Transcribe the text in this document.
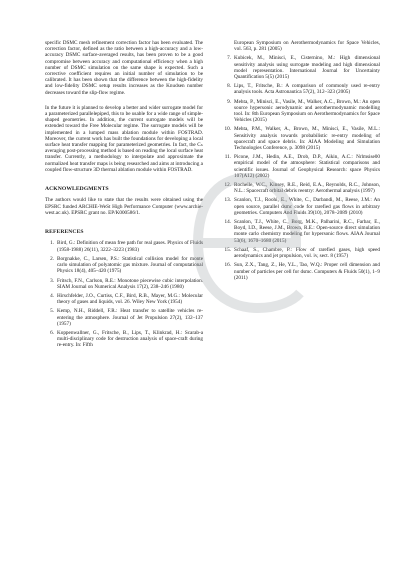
specific DSMC mesh refinement correction factor has been evaluated. The correction factor, defined as the ratio between a high-accuracy and a low-accuracy DSMC surface-averaged results, has been proven to be a good compromise between accuracy and computational efficiency when a high number of DSMC simulation on the same shape is expected. Such a corrective coefficient requires an initial number of simulation to be calibrated. It has been shown that the difference between the high-fidelity and low-fidelity DSMC setup results increases as the Knudsen number decreases toward the slip-flow regime.

In the future it is planned to develop a better and wider surrogate model for a parameterized parallelepiped, this to be usable for a wide range of simple-shaped geometries. In addition, the current surrogate models will be extended toward the Free Molecular regime. The surrogate models will be implemented in a lumped mass ablation module within FOSTRAD. Moreover, the current work has built the foundations for developing a local surface heat transfer mapping for parameterized geometries. In fact, the Cₕ averaging post-processing method is based on reading the local surface heat transfer. Currently, a methodology to interpolate and approximate the normalized heat transfer maps is being researched and aims at introducing a coupled flow-structure 3D thermal ablation module within FOSTRAD.

ACKNOWLEDGMENTS

The authors would like to state that the results were obtained using the EPSRC funded ARCHIE-WeSt High Performance Computer (www.archie-west.ac.uk). EPSRC grant no. EP/K000586/1.

REFERENCES
1. Bird, G.: Definition of mean free path for real gases. Physics of Fluids (1958-1988) 26(11), 3222–3223 (1983)
2. Borgnakke, C., Larsen, P.S.: Statistical collision model for monte carlo simulation of polyatomic gas mixture. Journal of computational Physics 18(4), 405–420 (1975)
3. Fritsch, F.N., Carlson, R.E.: Monotone piecewise cubic interpolation. SIAM Journal on Numerical Analysis 17(2), 238–246 (1980)
4. Hirschfelder, J.O., Curtiss, C.F., Bird, R.B., Mayer, M.G.: Molecular theory of gases and liquids, vol. 26. Wiley New York (1954)
5. Kemp, N.H., Riddell, F.R.: Heat transfer to satellite vehicles re-entering the atmosphere. Journal of Jet Propulsion 27(2), 132–137 (1957)
6. Koppenwallner, G., Fritsche, B., Lips, T., Klinkrad, H.: Scarab-a multi-disciplinary code for destruction analysis of space-craft during re-entry. In: Fifth
European Symposium on Aerothermodynamics for Space Vehicles, vol. 563, p. 281 (2005)
7. Kubicek, M., Minisci, E., Cisternino, M.: High dimensional sensitivity analysis using surrogate modeling and high dimensional model representation. International Journal for Uncertainty Quantification 5(5) (2015)
8. Lips, T., Fritsche, B.: A comparison of commonly used re-entry analysis tools. Acta Astronautica 57(2), 312–323 (2005)
9. Mehta, P., Minisci, E., Vasile, M., Walker, A.C., Brown, M.: An open source hypersonic aerodynamic and aerothermodynamic modelling tool. In: 8th European Symposium on Aerothermodynamics for Space Vehicles (2015)
10. Mehta, P.M., Walker, A., Brown, M., Minisci, E., Vasile, M.L.: Sensitivity analysis towards probabilistic re-entry modeling of spacecraft and space debris. In: AIAA Modeling and Simulation Technologies Conference, p. 3098 (2015)
11. Picone, J.M., Hedin, A.E., Drob, D.P., Aikin, A.C.: Nrlmsise00 empirical model of the atmosphere: Statistical comparisons and scientific issues. Journal of Geophysical Research: space Physics 107(A12) (2002)
12. Rochelle, W.C., Kinsey, R.E., Reid, E.A., Reynolds, R.C., Johnson, N.L.: Spacecraft orbital debris reentry: Aerothermal analysis (1997)
13. Scanlon, T.J., Roohi, E., White, C., Darbandi, M., Reese, J.M.: An open source, parallel dsmc code for rarefied gas flows in arbitrary geometries. Computers And Fluids 39(10), 2078–2089 (2010)
14. Scanlon, T.J., White, C., Borg, M.K., Palharini, R.C., Farbar, E., Boyd, I.D., Reese, J.M., Brown, R.E.: Open-source direct simulation monte carlo chemistry modeling for hypersonic flows. AIAA Journal 53(6), 1670–1680 (2015)
15. Schaaf, S., Chambre, P.: Flow of rarefied gases, high speed aerodynamics and jet propulsion, vol. iv, sect. 8 (1957)
16. Sun, Z.X., Tang, Z., He, Y.L., Tao, W.Q.: Proper cell dimension and number of particles per cell for dsmc. Computers & Fluids 50(1), 1–9 (2011)
